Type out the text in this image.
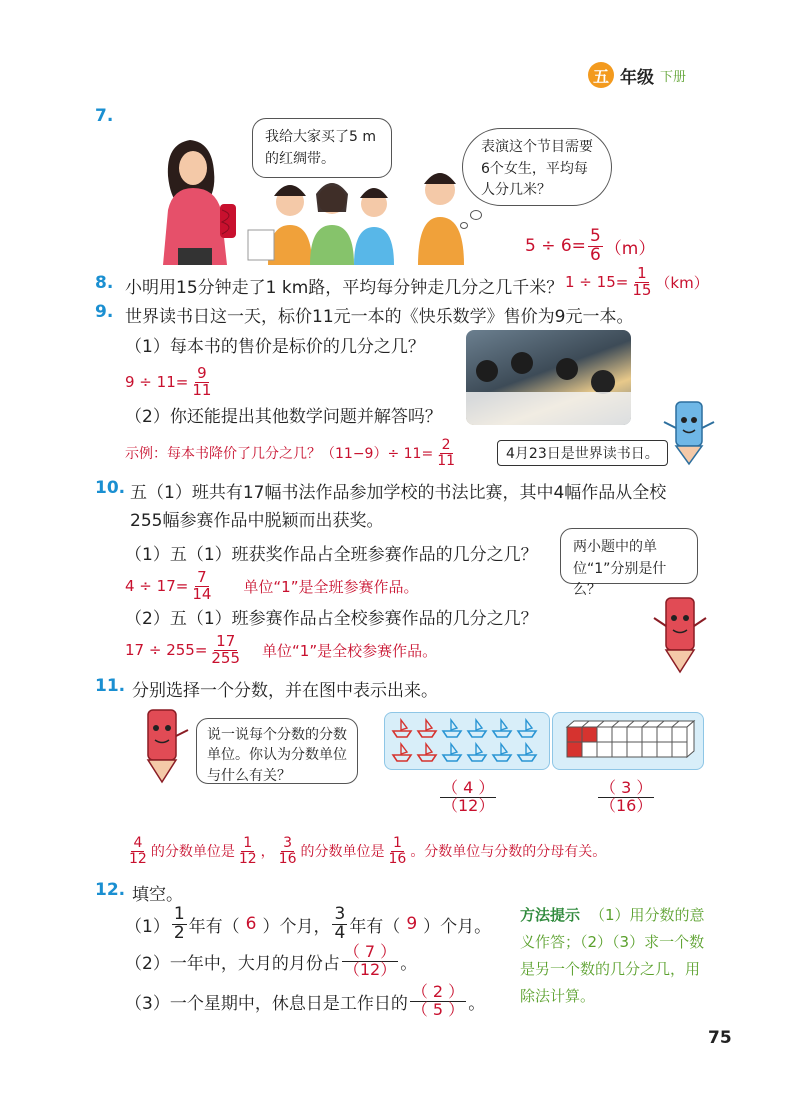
五 年级 下册
7.
我给大家买了5 m的红绸带。
表演这个节目需要6个女生，平均每人分几米？
$5 \div 6= \frac{5}{6} (m)$
8. 小明用15分钟走了1 km路，平均每分钟走几分之几千米？ $1 \div 15= \frac{1}{15} (km)$
9. 世界读书日这一天，标价11元一本的《快乐数学》售价为9元一本。
（1）每本书的售价是标价的几分之几？
$9 \div 11= \frac{9}{11}$
（2）你还能提出其他数学问题并解答吗？
示例：每本书降价了几分之几？$(11-9)\div 11= \frac{2}{11}$	4月23日是世界读书日。
10. 五（1）班共有17幅书法作品参加学校的书法比赛，其中4幅作品从全校
255幅参赛作品中脱颖而出获奖。
（1）五（1）班获奖作品占全班参赛作品的几分之几？
$4 \div 17= \frac{7}{14}$ 单位“1”是全班参赛作品。
（2）五（1）班参赛作品占全校参赛作品的几分之几？
$17 \div 255= \frac{17}{255}$ 单位“1”是全校参赛作品。
两小题中的单位“1”分别是什么？
11. 分别选择一个分数，并在图中表示出来。
说一说每个分数的分数单位。你认为分数单位与什么有关？
$\frac{( 4 )}{(12)}$	$\frac{( 3 )}{(16)}$
$\frac{4}{12}$ 的分数单位是 $\frac{1}{12}$ ， $\frac{3}{16}$ 的分数单位是 $\frac{1}{16}$ 。分数单位与分数的分母有关。
12. 填空。
$(1) \frac{1}{2}$ 年有（ 6 ）个月， $\frac{3}{4}$ 年有（ 9 ）个月。
（2）一年中，大月的月份占 $\frac{( 7 )}{(12)}$ 。
（3）一个星期中，休息日是工作日的 $\frac{( 2 )}{( 5 )}$ 。
方法提示 （1）用分数的意义作答；（2）（3）求一个数是另一个数的几分之几，用除法计算。
75
